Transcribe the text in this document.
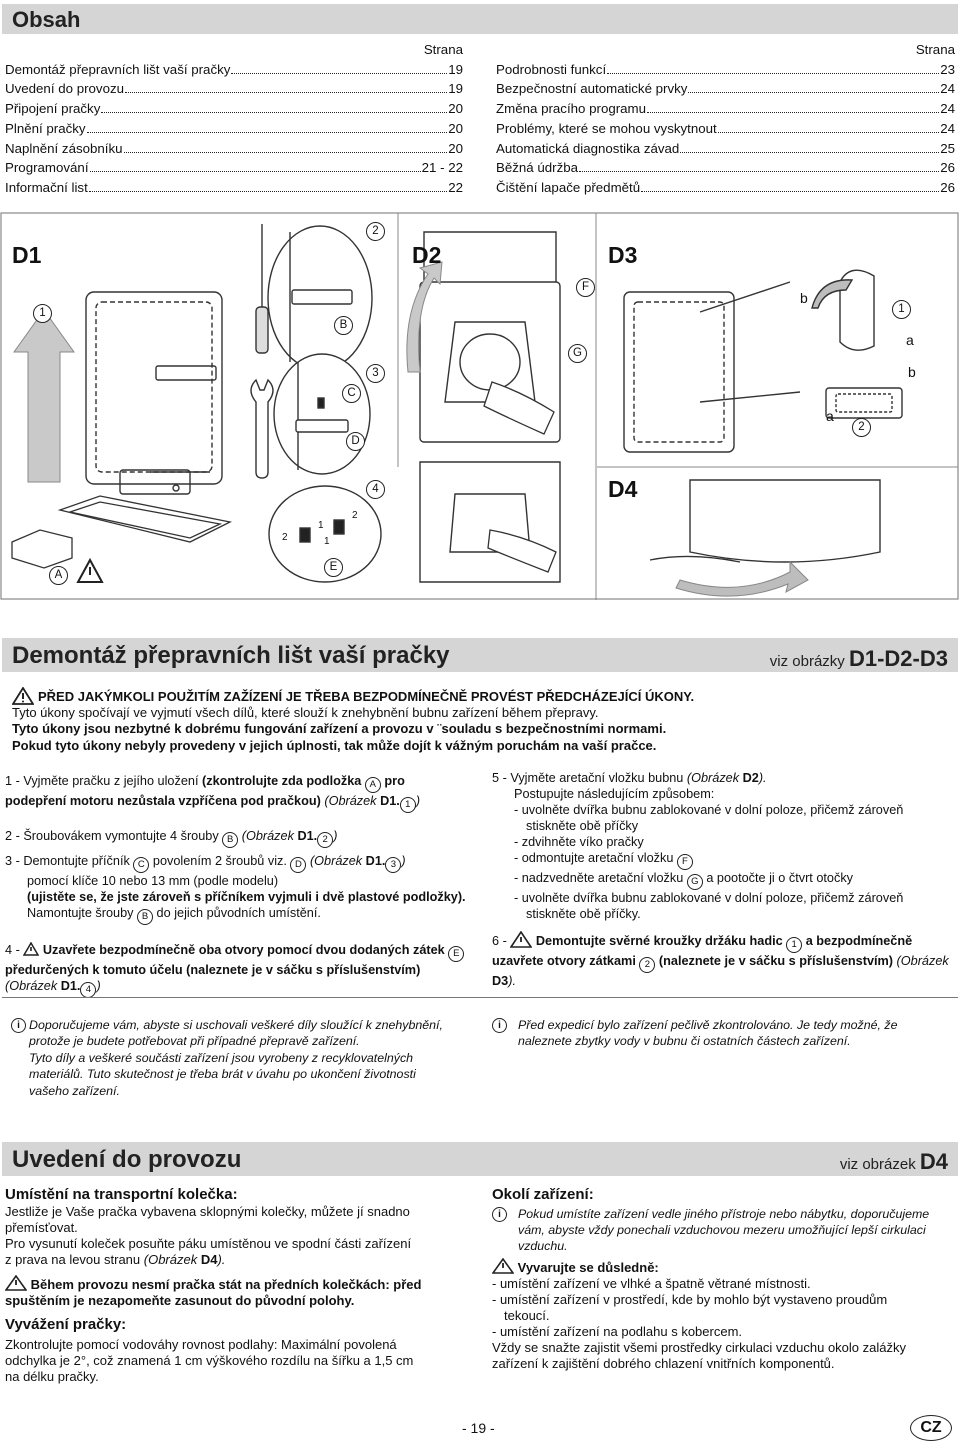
Obsah
Strana
Demontáž přepravních lišt vaší pračky	19
Uvedení do provozu	19
Připojení pračky	20
Plnění pračky	20
Naplnění zásobníku	20
Programování	21 - 22
Informační list	22
Strana
Podrobnosti funkcí	23
Bezpečnostní automatické prvky	24
Změna pracího programu	24
Problémy, které se mohou vyskytnout	24
Automatická diagnostika závad	25
Běžná údržba	26
Čištění lapače předmětů	26
D1	D2	D3
D4
1
2
3
4
A
B
C
D
E
F
G
1
2
b
a
b
a
2
1
1
2
Demontáž přepravních lišt vaší pračky	viz obrázky D1-D2-D3
PŘED JAKÝMKOLI POUŽITÍM ZAŽÍZENÍ JE TŘEBA BEZPODMÍNEČNĚ PROVÉST PŘEDCHÁZEJÍCÍ ÚKONY.
Tyto úkony spočívají ve vyjmutí všech dílů, které slouží k znehybnění bubnu zařízení během přepravy.
Tyto úkony jsou nezbytné k dobrému fungování zařízení a provozu v ¨souladu s bezpečnostními normami.
Pokud tyto úkony nebyly provedeny v jejich úplnosti, tak může dojít k vážným poruchám na vaší pračce.
1 - Vyjměte pračku z jejího uložení (zkontrolujte zda podložka A pro podepření motoru nezůstala vzpříčena pod pračkou) (Obrázek D1. 1 )
2 - Šroubovákem vymontujte 4 šrouby B (Obrázek D1. 2 )
3 - Demontujte příčník C povolením 2 šroubů viz. D (Obrázek D1. 3 )
pomocí klíče 10 nebo 13 mm (podle modelu)
(ujistěte se, že jste zároveň s příčníkem vyjmuli i dvě plastové podložky).
Namontujte šrouby B do jejich původních umístění.
4 -  Uzavřete bezpodmínečně oba otvory pomocí dvou dodaných zátek E předurčených k tomuto účelu (naleznete je v sáčku s příslušenstvím) (Obrázek D1. 4 )
5 - Vyjměte aretační vložku bubnu (Obrázek D2).
Postupujte následujícím způsobem:
- uvolněte dvířka bubnu zablokované v dolní poloze, přičemž zároveň
stiskněte obě příčky
- zdvihněte víko pračky
- odmontujte aretační vložku F
- nadzvedněte aretační vložku G a pootočte ji o čtvrt otočky
- uvolněte dvířka bubnu zablokované v dolní poloze, přičemž zároveň
stiskněte obě příčky.
6 -  Demontujte svěrné kroužky držáku hadic 1 a bezpodmínečně uzavřete otvory zátkami 2 (naleznete je v sáčku s příslušenstvím) (Obrázek D3).
i Doporučujeme vám, abyste si uschovali veškeré díly sloužící k znehybnění,
protože je budete potřebovat při případné přepravě zařízení.
Tyto díly a veškeré součásti zařízení jsou vyrobeny z recyklovatelných
materiálů. Tuto skutečnost je třeba brát v úvahu po ukončení životnosti
vašeho zařízení.
i	Před expedicí bylo zařízení pečlivě zkontrolováno. Je tedy možné, že
naleznete zbytky vody v bubnu či ostatních částech zařízení.
Uvedení do provozu	viz obrázek D4
Umístění na transportní kolečka:
Jestliže je Vaše pračka vybavena sklopnými kolečky, můžete jí snadno
přemísťovat.
Pro vysunutí koleček posuňte páku umístěnou ve spodní části zařízení
z prava na levou stranu (Obrázek D4).
Během provozu nesmí pračka stát na předních kolečkách: před
spuštěním je nezapomeňte zasunout do původní polohy.
Vyvážení pračky:
Zkontrolujte pomocí vodováhy rovnost podlahy: Maximální povolená
odchylka je 2°, což znamená 1 cm výškového rozdílu na šířku a 1,5 cm
na délku pračky.
Okolí zařízení:
i	Pokud umístíte zařízení vedle jiného přístroje nebo nábytku, doporučujeme
vám, abyste vždy ponechali vzduchovou mezeru umožňující lepší cirkulaci
vzduchu.
Vyvarujte se důsledně:
- umístění zařízení ve vlhké a špatně větrané místnosti.
- umístění zařízení v prostředí, kde by mohlo být vystaveno proudům
tekoucí.
- umístění zařízení na podlahu s kobercem.
Vždy se snažte zajistit všemi prostředky cirkulaci vzduchu okolo zalážky
zařízení k zajištění dobrého chlazení vnitřních komponentů.
- 19 -	CZ
